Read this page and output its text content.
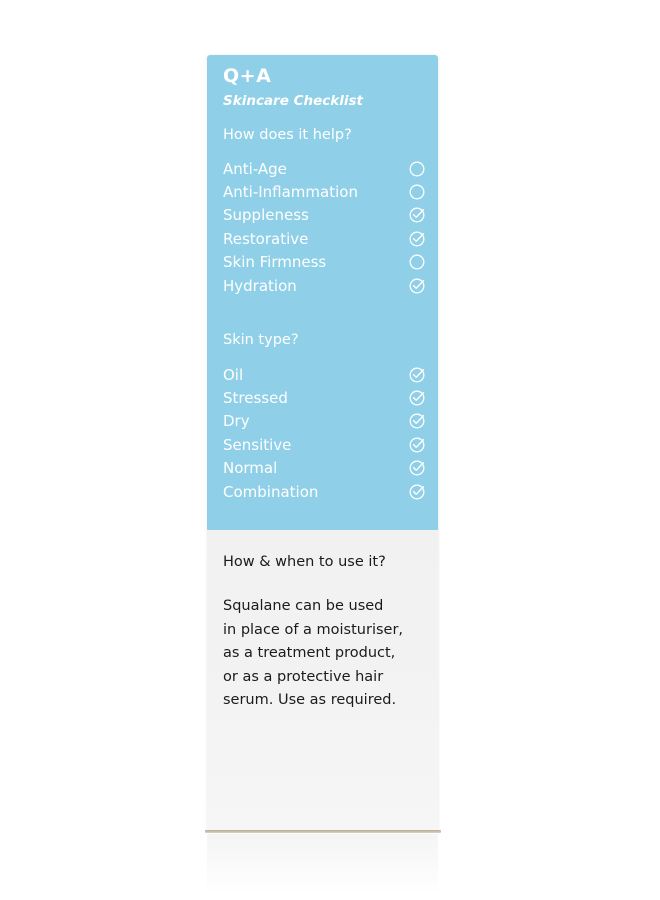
Q+A
Skincare Checklist
How does it help?
Anti-Age
Anti-Inflammation
Suppleness
Restorative
Skin Firmness
Hydration
Skin type?
Oil
Stressed
Dry
Sensitive
Normal
Combination
How & when to use it?
Squalane can be used
in place of a moisturiser,
as a treatment product,
or as a protective hair
serum. Use as required.
